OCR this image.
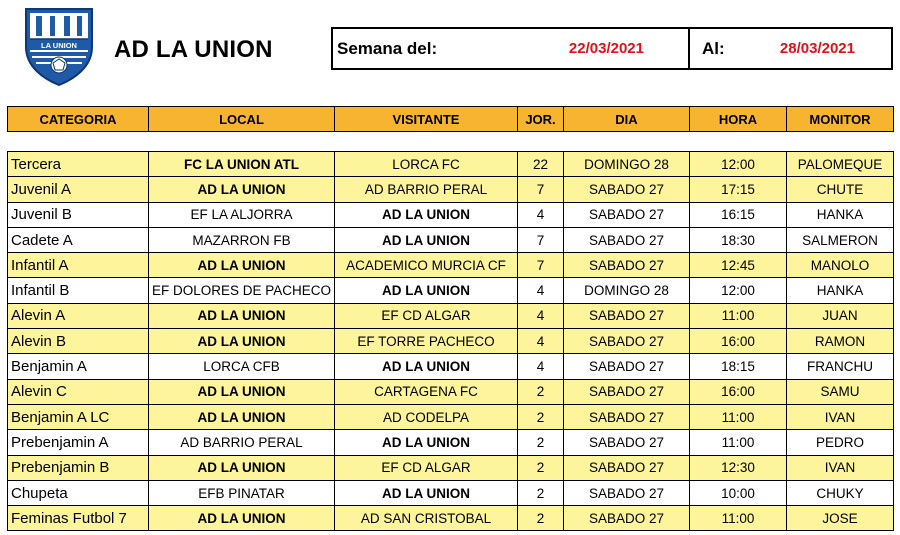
LA UNION AD LA UNION	Semana del:	22/03/2021	Al:	28/03/2021
CATEGORIA	LOCAL	VISITANTE	JOR.	DIA	HORA	MONITOR
Tercera	FC LA UNION ATL	LORCA FC	22	DOMINGO 28	12:00	PALOMEQUE
Juvenil A	AD LA UNION	AD BARRIO PERAL	7	SABADO 27	17:15	CHUTE
Juvenil B	EF LA ALJORRA	AD LA UNION	4	SABADO 27	16:15	HANKA
Cadete A	MAZARRON FB	AD LA UNION	7	SABADO 27	18:30	SALMERON
Infantil A	AD LA UNION	ACADEMICO MURCIA CF	7	SABADO 27	12:45	MANOLO
Infantil B	EF DOLORES DE PACHECO	AD LA UNION	4	DOMINGO 28	12:00	HANKA
Alevin A	AD LA UNION	EF CD ALGAR	4	SABADO 27	11:00	JUAN
Alevin B	AD LA UNION	EF TORRE PACHECO	4	SABADO 27	16:00	RAMON
Benjamin A	LORCA CFB	AD LA UNION	4	SABADO 27	18:15	FRANCHU
Alevin C	AD LA UNION	CARTAGENA FC	2	SABADO 27	16:00	SAMU
Benjamin A LC	AD LA UNION	AD CODELPA	2	SABADO 27	11:00	IVAN
Prebenjamin A	AD BARRIO PERAL	AD LA UNION	2	SABADO 27	11:00	PEDRO
Prebenjamin B	AD LA UNION	EF CD ALGAR	2	SABADO 27	12:30	IVAN
Chupeta	EFB PINATAR	AD LA UNION	2	SABADO 27	10:00	CHUKY
Feminas Futbol 7	AD LA UNION	AD SAN CRISTOBAL	2	SABADO 27	11:00	JOSE
